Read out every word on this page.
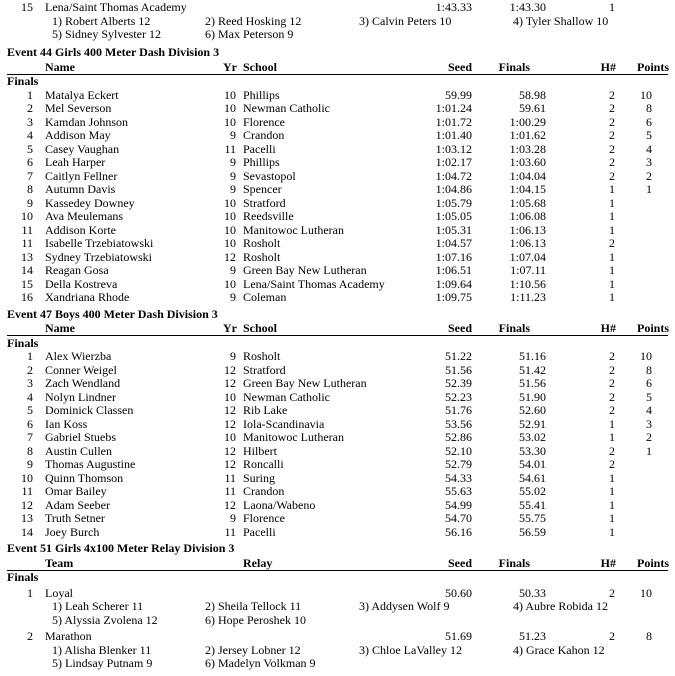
15 Lena/Saint Thomas Academy	1:43.33	1:43.30	1
1) Robert Alberts 12	2) Reed Hosking 12	3) Calvin Peters 10	4) Tyler Shallow 10
5) Sidney Sylvester 12	6) Max Peterson 9
Event 44 Girls 400 Meter Dash Division 3
Name	Yr School	Seed Finals	H# Points
Finals
1 Matalya Eckert	10 Phillips	59.99	58.98	2 10
2 Mel Severson	10 Newman Catholic	1:01.24	59.61	2	8
3 Kamdan Johnson	10 Florence	1:01.72	1:00.29	2	6
4 Addison May	9 Crandon	1:01.40	1:01.62	2	5
5 Casey Vaughan	11 Pacelli	1:03.12	1:03.28	2	4
6 Leah Harper	9 Phillips	1:02.17	1:03.60	2	3
7 Caitlyn Fellner	9 Sevastopol	1:04.72	1:04.04	2	2
8 Autumn Davis	9 Spencer	1:04.86	1:04.15	1	1
9 Kassedey Downey	10 Stratford	1:05.79	1:05.68	1
10 Ava Meulemans	10 Reedsville	1:05.05	1:06.08	1
11 Addison Korte	10 Manitowoc Lutheran	1:05.31	1:06.13	1
11 Isabelle Trzebiatowski	10 Rosholt	1:04.57	1:06.13	2
13 Sydney Trzebiatowski	12 Rosholt	1:07.16	1:07.04	1
14 Reagan Gosa	9 Green Bay New Lutheran	1:06.51	1:07.11	1
15 Della Kostreva	10 Lena/Saint Thomas Academy	1:09.64	1:10.56	1
16 Xandriana Rhode	9 Coleman	1:09.75	1:11.23	1
Event 47 Boys 400 Meter Dash Division 3
Name	Yr School	Seed Finals	H# Points
Finals
1 Alex Wierzba	9 Rosholt	51.22	51.16	2 10
2 Conner Weigel	12 Stratford	51.56	51.42	2	8
3 Zach Wendland	12 Green Bay New Lutheran	52.39	51.56	2	6
4 Nolyn Lindner	10 Newman Catholic	52.23	51.90	2	5
5 Dominick Classen	12 Rib Lake	51.76	52.60	2	4
6 Ian Koss	12 Iola-Scandinavia	53.56	52.91	1	3
7 Gabriel Stuebs	10 Manitowoc Lutheran	52.86	53.02	1	2
8 Austin Cullen	12 Hilbert	52.10	53.30	2	1
9 Thomas Augustine	12 Roncalli	52.79	54.01	2
10 Quinn Thomson	11 Suring	54.33	54.61	1
11 Omar Bailey	11 Crandon	55.63	55.02	1
12 Adam Seeber	12 Laona/Wabeno	54.99	55.41	1
13 Truth Setner	9 Florence	54.70	55.75	1
14 Joey Burch	11 Pacelli	56.16	56.59	1
Event 51 Girls 4x100 Meter Relay Division 3
Team	Relay	Seed Finals	H# Points
Finals
1 Loyal	50.60	50.33	2 10
1) Leah Scherer 11	2) Sheila Tellock 11	3) Addysen Wolf 9	4) Aubre Robida 12
5) Alyssia Zvolena 12	6) Hope Peroshek 10
2 Marathon	51.69	51.23	2	8
1) Alisha Blenker 11	2) Jersey Lobner 12	3) Chloe LaValley 12	4) Grace Kahon 12
5) Lindsay Putnam 9	6) Madelyn Volkman 9
